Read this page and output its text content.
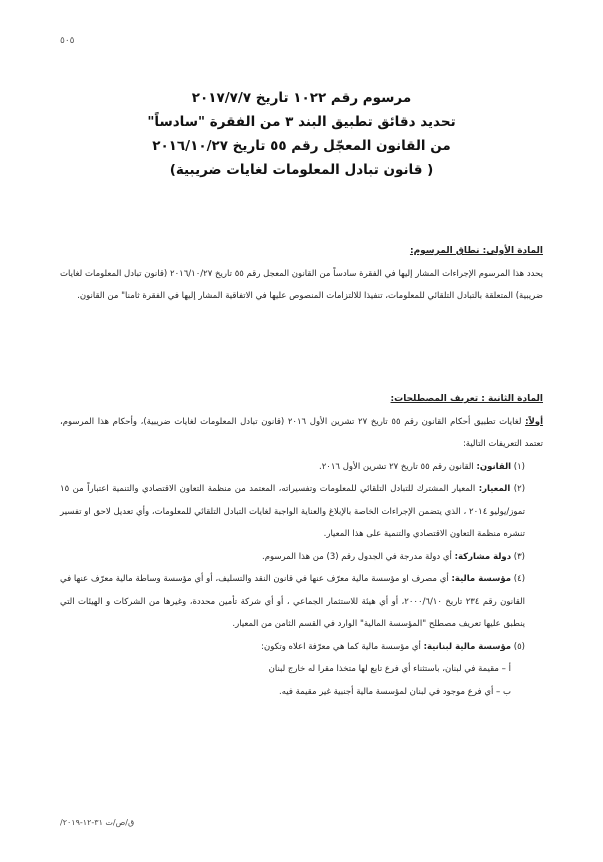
٥٠٥
مرسوم رقم ١٠٢٢ تاريخ ٢٠١٧/٧/٧
تحديد دقائق تطبيق البند ٣ من الفقرة "سادساً"
من القانون المعجّل رقم ٥٥ تاريخ ٢٠١٦/١٠/٢٧
( قانون تبادل المعلومات لغايات ضريبية)
المادة الأولى: نطاق المرسوم:
يحدد هذا المرسوم الإجراءات المشار إليها في الفقرة سادساً من القانون المعجل رقم ٥٥ تاريخ ٢٠١٦/١٠/٢٧ (قانون تبادل المعلومات لغايات ضريبية) المتعلقة بالتبادل التلقائي للمعلومات، تنفيذا للالتزامات المنصوص عليها في الاتفاقية المشار إليها في الفقرة ثامنا" من القانون.
المادة الثانية : تعريف المصطلحات:
أولاً: لغايات تطبيق أحكام القانون رقم ٥٥ تاريخ ٢٧ تشرين الأول ٢٠١٦ (قانون تبادل المعلومات لغايات ضريبية)، وأحكام هذا المرسوم، تعتمد التعريفات التالية:
(١) القانون: القانون رقم ٥٥ تاريخ ٢٧ تشرين الأول ٢٠١٦.
(٢) المعيار: المعيار المشترك للتبادل التلقائي للمعلومات وتفسيراته، المعتمد من منظمة التعاون الاقتصادي والتنمية اعتباراً من ١٥ تموز/يوليو ٢٠١٤ ، الذي يتضمن الإجراءات الخاصة بالإبلاغ والعناية الواجبة لغايات التبادل التلقائي للمعلومات، وأي تعديل لاحق او تفسير تنشره منظمة التعاون الاقتصادي والتنمية على هذا المعيار.
(٣) دولة مشاركة: أي دولة مدرجة في الجدول رقم (3) من هذا المرسوم.
(٤) مؤسسة مالية: أي مصرف او مؤسسة مالية معرّف عنها في قانون النقد والتسليف، أو أي مؤسسة وساطة مالية معرّف عنها في القانون رقم ٢٣٤ تاريخ ٢٠٠٠/٦/١٠، أو أي هيئة للاستثمار الجماعي ، أو أي شركة تأمين محددة، وغيرها من الشركات و الهيئات التي ينطبق عليها تعريف مصطلح "المؤسسة المالية" الوارد في القسم الثامن من المعيار.
(٥) مؤسسة مالية لبنانية: أي مؤسسة مالية كما هي معرّفة اعلاه وتكون:
أ – مقيمة في لبنان، باستثناء أي فرع تابع لها متخذا مقرا له خارج لبنان
ب – أي فرع موجود في لبنان لمؤسسة مالية أجنبية غير مقيمة فيه.
ق/ص/ت ٣١-١٢-٢٠١٩/
